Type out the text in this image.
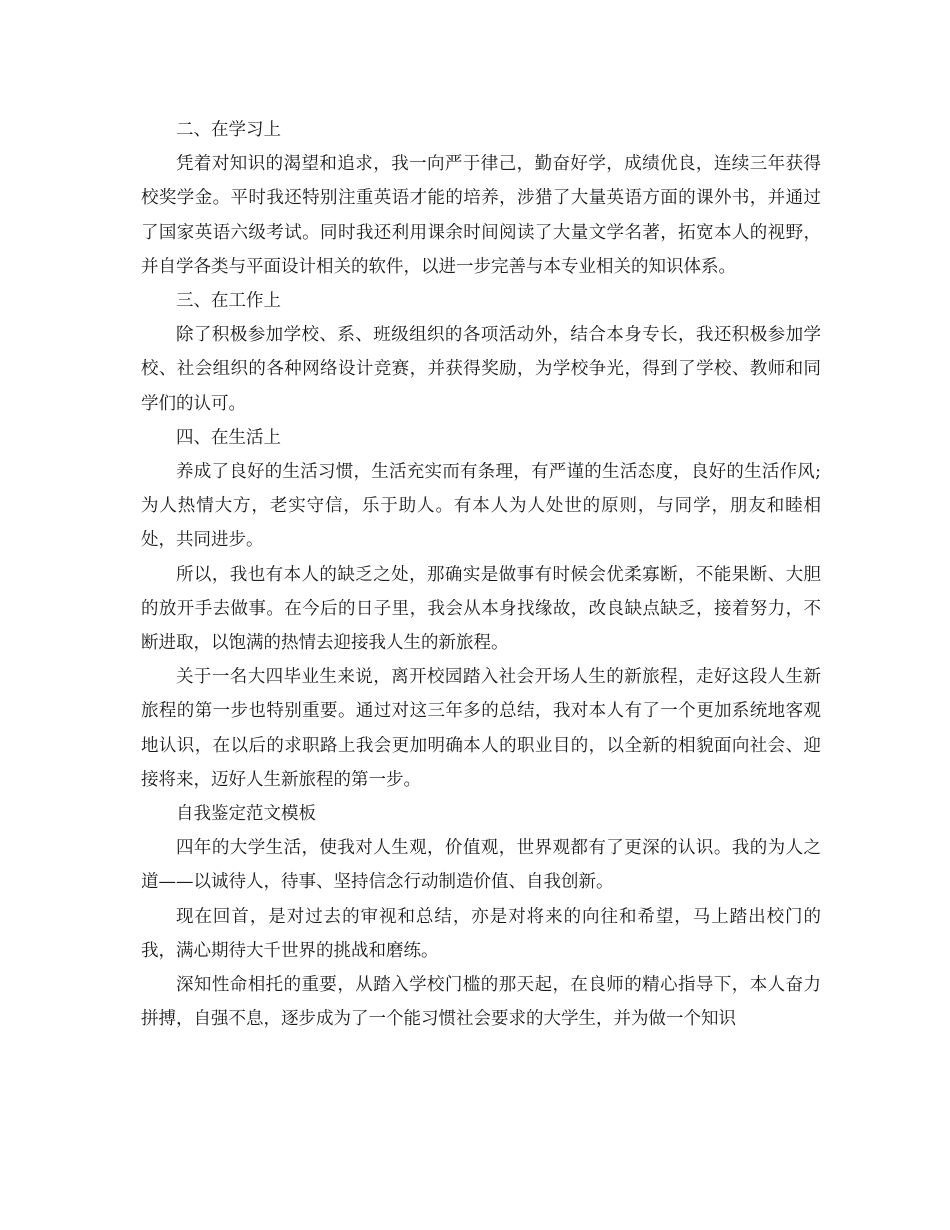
二、在学习上

凭着对知识的渴望和追求，我一向严于律己，勤奋好学，成绩优良，连续三年获得校奖学金。平时我还特别注重英语才能的培养，涉猎了大量英语方面的课外书，并通过了国家英语六级考试。同时我还利用课余时间阅读了大量文学名著，拓宽本人的视野，并自学各类与平面设计相关的软件，以进一步完善与本专业相关的知识体系。

三、在工作上

除了积极参加学校、系、班级组织的各项活动外，结合本身专长，我还积极参加学校、社会组织的各种网络设计竞赛，并获得奖励，为学校争光，得到了学校、教师和同学们的认可。

四、在生活上

养成了良好的生活习惯，生活充实而有条理，有严谨的生活态度，良好的生活作风;为人热情大方，老实守信，乐于助人。有本人为人处世的原则，与同学，朋友和睦相处，共同进步。

所以，我也有本人的缺乏之处，那确实是做事有时候会优柔寡断，不能果断、大胆的放开手去做事。在今后的日子里，我会从本身找缘故，改良缺点缺乏，接着努力，不断进取，以饱满的热情去迎接我人生的新旅程。

关于一名大四毕业生来说，离开校园踏入社会开场人生的新旅程，走好这段人生新旅程的第一步也特别重要。通过对这三年多的总结，我对本人有了一个更加系统地客观地认识，在以后的求职路上我会更加明确本人的职业目的，以全新的相貌面向社会、迎接将来，迈好人生新旅程的第一步。

自我鉴定范文模板

四年的大学生活，使我对人生观，价值观，世界观都有了更深的认识。我的为人之道——以诚待人，待事、坚持信念行动制造价值、自我创新。

现在回首，是对过去的审视和总结，亦是对将来的向往和希望，马上踏出校门的我，满心期待大千世界的挑战和磨练。

深知性命相托的重要，从踏入学校门槛的那天起，在良师的精心指导下，本人奋力拼搏，自强不息，逐步成为了一个能习惯社会要求的大学生，并为做一个知识
